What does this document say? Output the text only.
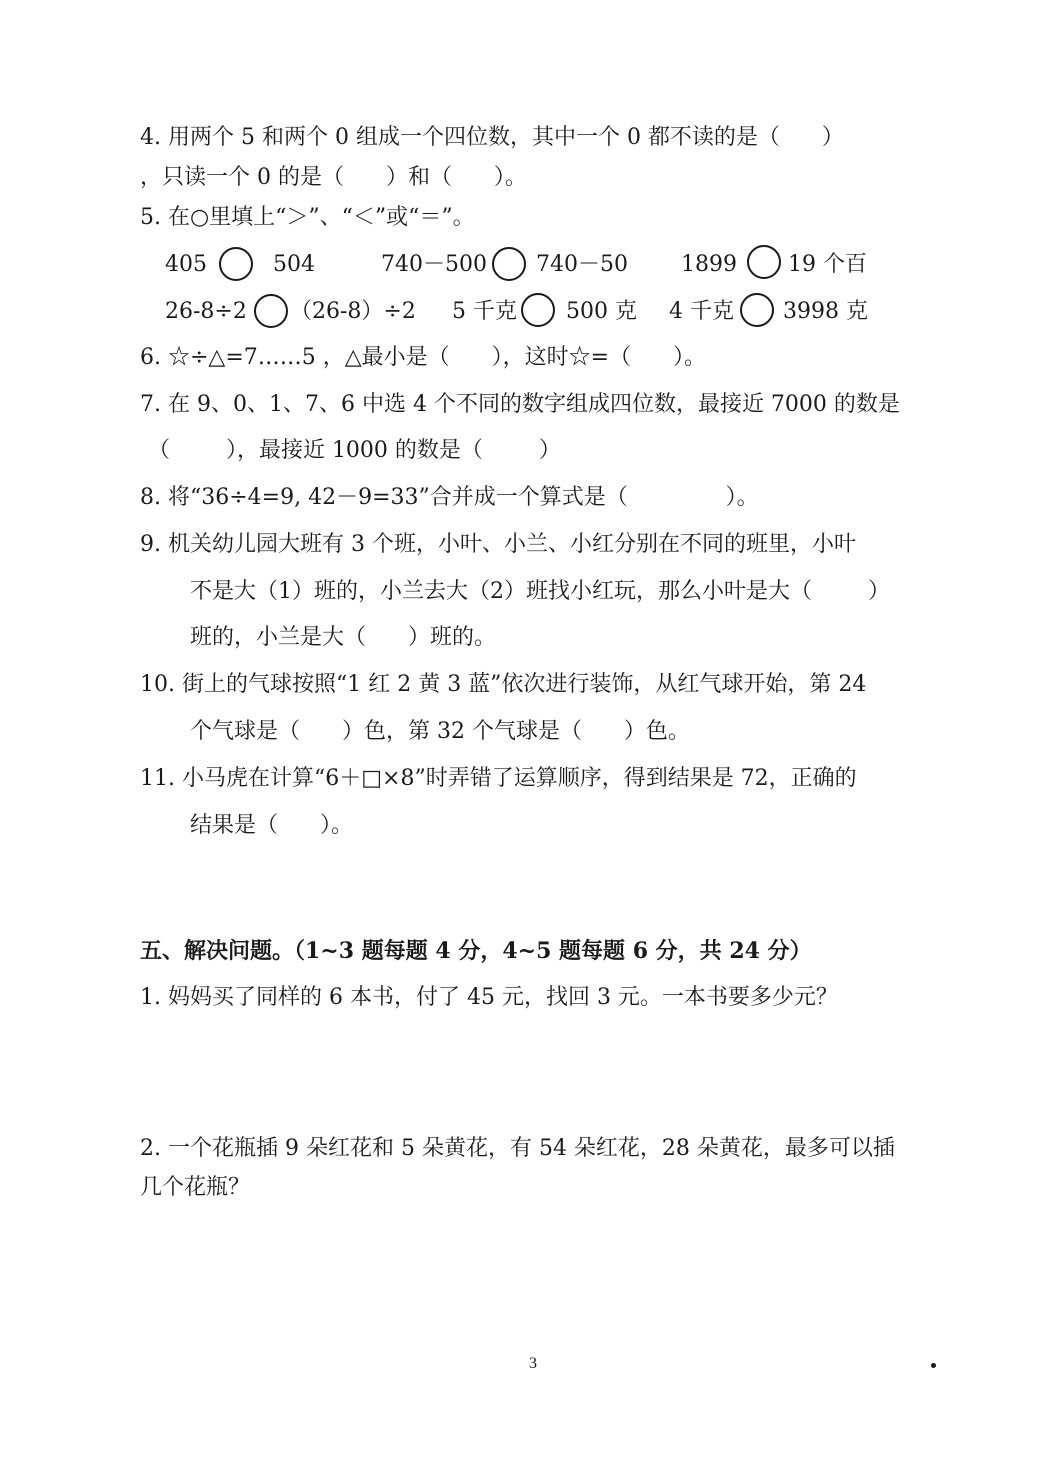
4. 用两个 5 和两个 0 组成一个四位数，其中一个 0 都不读的是（      ）
，只读一个 0 的是（      ）和（      ）。
5. 在○里填上“＞”、“＜”或“＝”。
405	504	740－500 740－50 1899 19 个百
26-8÷2 （26-8）÷2 5 千克 500 克 4 千克 3998 克
6. ☆÷△=7……5 ，△最小是（      ），这时☆=（      ）。
7. 在 9、0、1、7、6 中选 4 个不同的数字组成四位数，最接近 7000 的数是
（        ），最接近 1000 的数是（        ）
8. 将“36÷4=9, 42－9=33”合并成一个算式是（              ）。
9. 机关幼儿园大班有 3 个班，小叶、小兰、小红分别在不同的班里，小叶
不是大（1）班的，小兰去大（2）班找小红玩，那么小叶是大（        ）
班的，小兰是大（      ）班的。
10. 街上的气球按照“1 红 2 黄 3 蓝”依次进行装饰，从红气球开始，第 24
个气球是（      ）色，第 32 个气球是（      ）色。
11. 小马虎在计算“6＋□×8”时弄错了运算顺序，得到结果是 72，正确的
结果是（      ）。
五、解决问题。（1~3 题每题 4 分，4~5 题每题 6 分，共 24 分）
1. 妈妈买了同样的 6 本书，付了 45 元，找回 3 元。一本书要多少元？
2. 一个花瓶插 9 朵红花和 5 朵黄花，有 54 朵红花，28 朵黄花，最多可以插
几个花瓶？
3
